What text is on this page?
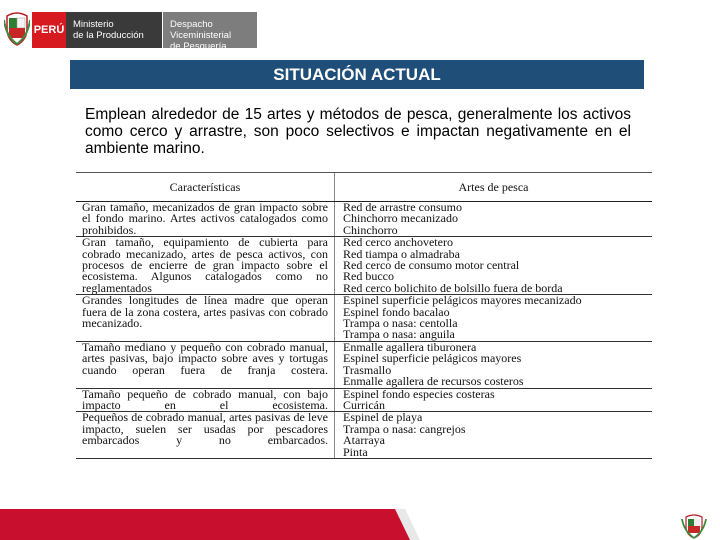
PERÚ Ministerio
de la Producción
Despacho Viceministerial
de Pesquería
SITUACIÓN ACTUAL
Emplean alrededor de 15 artes y métodos de pesca, generalmente los activos como cerco y arrastre, son poco selectivos e impactan negativamente en el ambiente marino.
Características	Artes de pesca
Gran tamaño, mecanizados de gran impacto sobre el fondo marino. Artes activos catalogados como prohibidos.
Red de arrastre consumo
Chinchorro mecanizado
Chinchorro
Gran tamaño, equipamiento de cubierta para cobrado mecanizado, artes de pesca activos, con procesos de encierre de gran impacto sobre el ecosistema. Algunos catalogados como no reglamentados
Red cerco anchovetero
Red tiampa o almadraba
Red cerco de consumo motor central
Red bucco
Red cerco bolichito de bolsillo fuera de borda
Grandes longitudes de línea madre que operan fuera de la zona costera, artes pasivas con cobrado mecanizado.
Espinel superficie pelágicos mayores mecanizado
Espinel fondo bacalao
Trampa o nasa: centolla
Trampa o nasa: anguila
Tamaño mediano y pequeño con cobrado manual, artes pasivas, bajo impacto sobre aves y tortugas cuando operan fuera de franja costera.
Enmalle agallera tiburonera
Espinel superficie pelágicos mayores
Trasmallo
Enmalle agallera de recursos costeros
Tamaño pequeño de cobrado manual, con bajo impacto en el ecosistema.
Espinel fondo especies costeras
Curricán
Pequeños de cobrado manual, artes pasivas de leve impacto, suelen ser usadas por pescadores embarcados y no embarcados.
Espinel de playa
Trampa o nasa: cangrejos
Atarraya
Pinta
